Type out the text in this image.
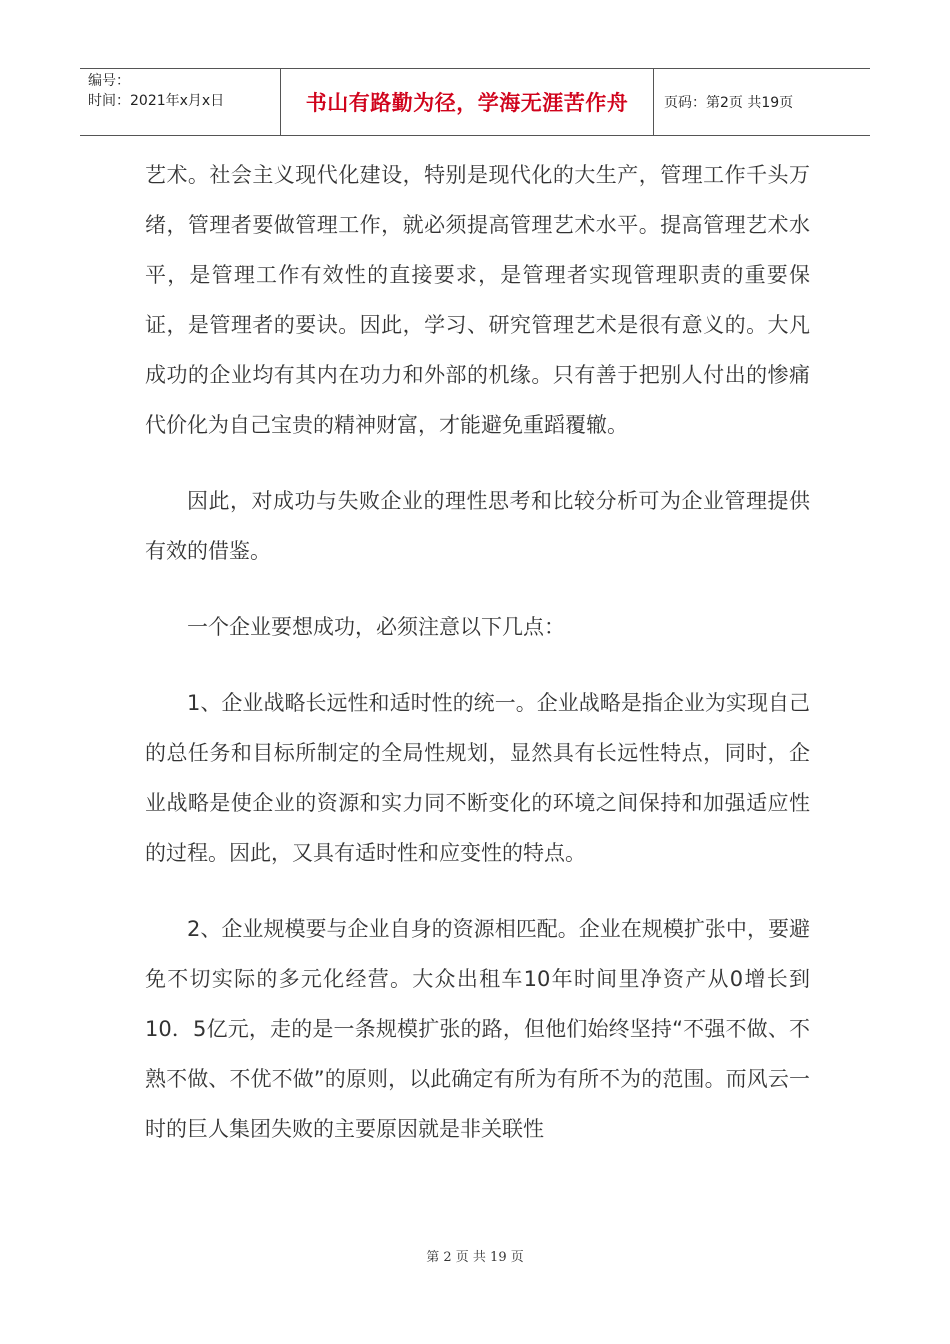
编号：
时间：2021年x月x日	书山有路勤为径，学海无涯苦作舟	页码：第2页 共19页

艺术。社会主义现代化建设，特别是现代化的大生产，管理工作千头万绪，管理者要做管理工作，就必须提高管理艺术水平。提高管理艺术水平，是管理工作有效性的直接要求，是管理者实现管理职责的重要保证，是管理者的要诀。因此，学习、研究管理艺术是很有意义的。大凡成功的企业均有其内在功力和外部的机缘。只有善于把别人付出的惨痛代价化为自己宝贵的精神财富，才能避免重蹈覆辙。

因此，对成功与失败企业的理性思考和比较分析可为企业管理提供有效的借鉴。

一个企业要想成功，必须注意以下几点：

1、企业战略长远性和适时性的统一。企业战略是指企业为实现自己的总任务和目标所制定的全局性规划，显然具有长远性特点，同时，企业战略是使企业的资源和实力同不断变化的环境之间保持和加强适应性的过程。因此，又具有适时性和应变性的特点。

2、企业规模要与企业自身的资源相匹配。企业在规模扩张中，要避免不切实际的多元化经营。大众出租车10年时间里净资产从0增长到10．5亿元，走的是一条规模扩张的路，但他们始终坚持“不强不做、不熟不做、不优不做”的原则，以此确定有所为有所不为的范围。而风云一时的巨人集团失败的主要原因就是非关联性

第 2 页 共 19 页
